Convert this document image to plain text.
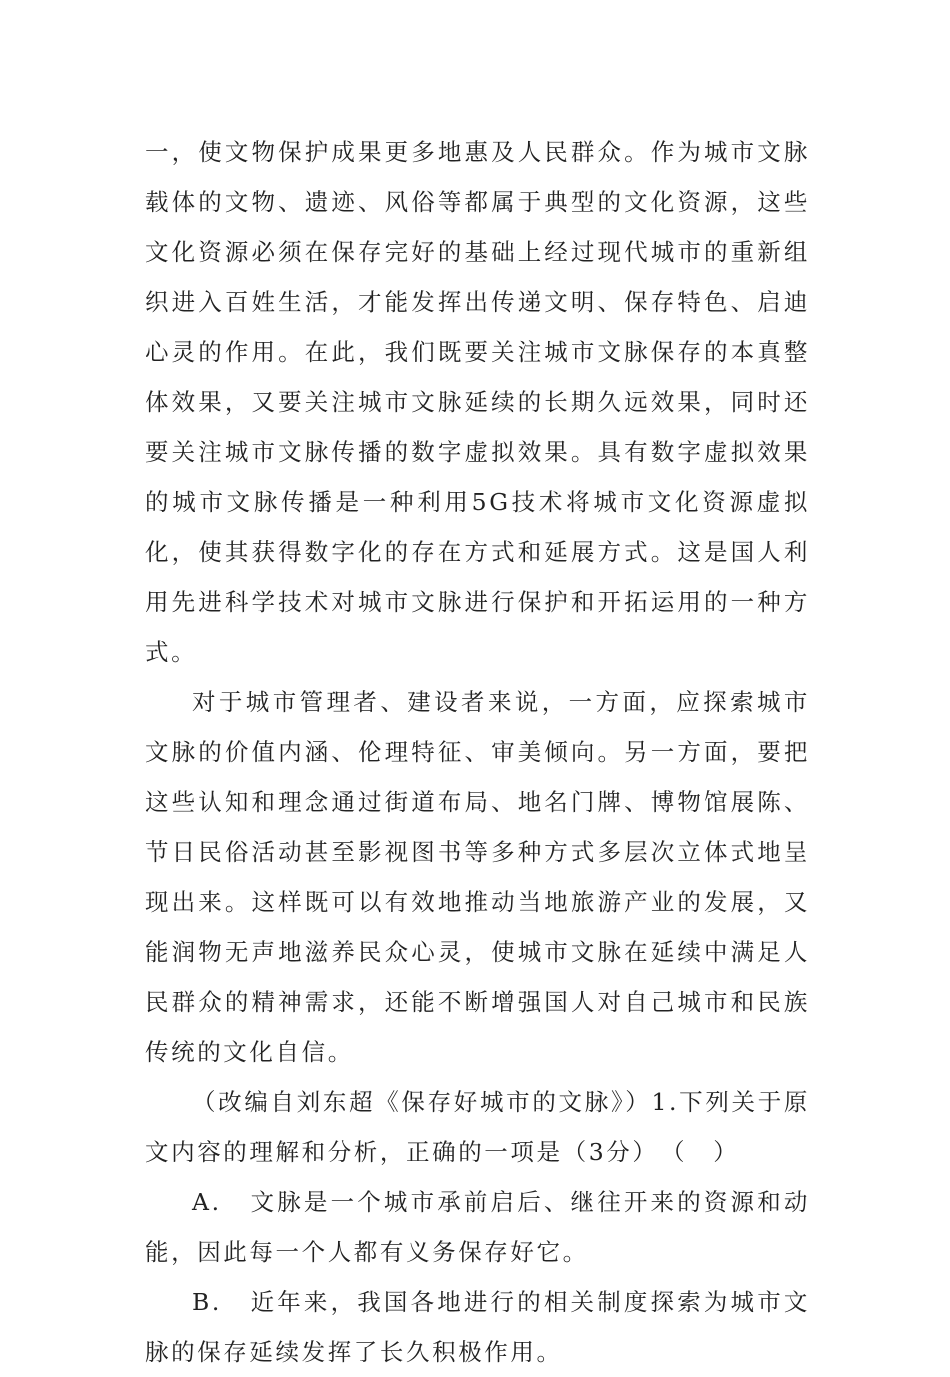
一，使文物保护成果更多地惠及人民群众。作为城市文脉载体的文物、遗迹、风俗等都属于典型的文化资源，这些文化资源必须在保存完好的基础上经过现代城市的重新组织进入百姓生活，才能发挥出传递文明、保存特色、启迪心灵的作用。在此，我们既要关注城市文脉保存的本真整体效果，又要关注城市文脉延续的长期久远效果，同时还要关注城市文脉传播的数字虚拟效果。具有数字虚拟效果的城市文脉传播是一种利用5G技术将城市文化资源虚拟化，使其获得数字化的存在方式和延展方式。这是国人利用先进科学技术对城市文脉进行保护和开拓运用的一种方式。

对于城市管理者、建设者来说，一方面，应探索城市文脉的价值内涵、伦理特征、审美倾向。另一方面，要把这些认知和理念通过街道布局、地名门牌、博物馆展陈、节日民俗活动甚至影视图书等多种方式多层次立体式地呈现出来。这样既可以有效地推动当地旅游产业的发展，又能润物无声地滋养民众心灵，使城市文脉在延续中满足人民群众的精神需求，还能不断增强国人对自己城市和民族传统的文化自信。

（改编自刘东超《保存好城市的文脉》）1.下列关于原文内容的理解和分析，正确的一项是（3分）　（　）

A. 文脉是一个城市承前启后、继往开来的资源和动能，因此每一个人都有义务保存好它。

B. 近年来，我国各地进行的相关制度探索为城市文脉的保存延续发挥了长久积极作用。
